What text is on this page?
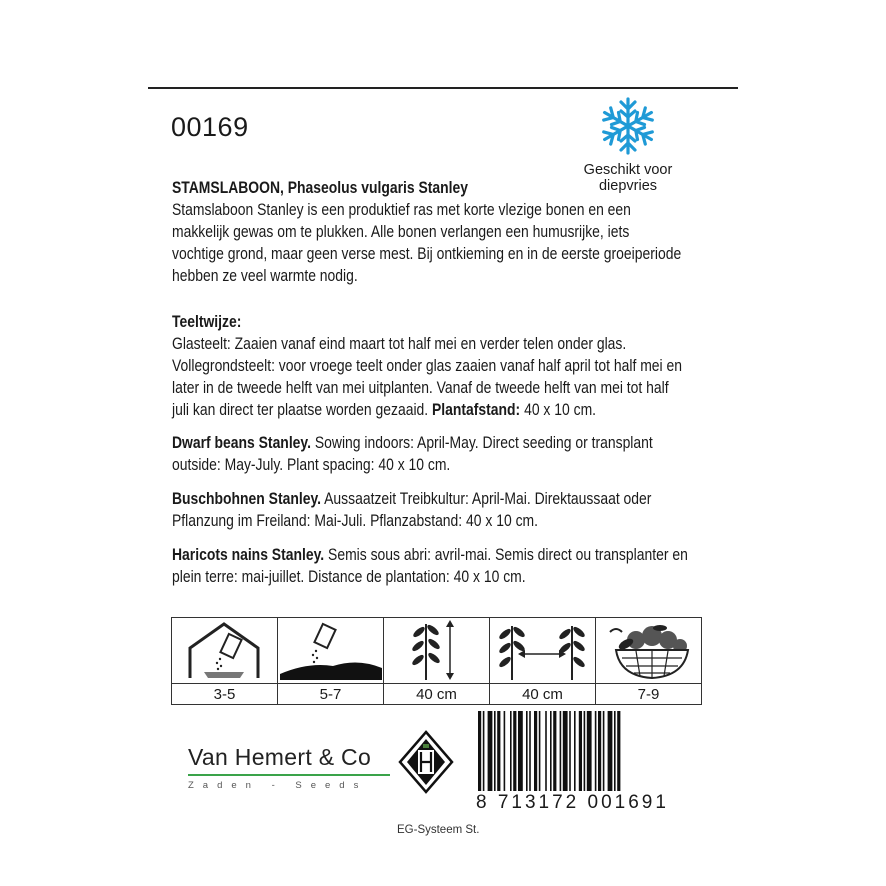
00169
Geschikt voor
diepvries

STAMSLABOON, Phaseolus vulgaris Stanley

Stamslaboon Stanley is een produktief ras met korte vlezige bonen en een

makkelijk gewas om te plukken. Alle bonen verlangen een humusrijke, iets

vochtige grond, maar geen verse mest. Bij ontkieming en in de eerste groeiperiode

hebben ze veel warmte nodig.

Teeltwijze:

Glasteelt: Zaaien vanaf eind maart tot half mei en verder telen onder glas.

Vollegrondsteelt: voor vroege teelt onder glas zaaien vanaf half april tot half mei en

later in de tweede helft van mei uitplanten. Vanaf de tweede helft van mei tot half

juli kan direct ter plaatse worden gezaaid. Plantafstand: 40 x 10 cm.

Dwarf beans Stanley. Sowing indoors: April-May. Direct seeding or transplant

outside: May-July. Plant spacing: 40 x 10 cm.

Buschbohnen Stanley. Aussaatzeit Treibkultur: April-Mai. Direktaussaat oder

Pflanzung im Freiland: Mai-Juli. Pflanzabstand: 40 x 10 cm.

Haricots nains Stanley. Semis sous abri: avril-mai. Semis direct ou transplanter en

plein terre: mai-juillet. Distance de plantation: 40 x 10 cm.

3-5	5-7	40 cm	40 cm	7-9
Van Hemert & Co
Zaden - Seeds
8 713172 001691
EG-Systeem St.
